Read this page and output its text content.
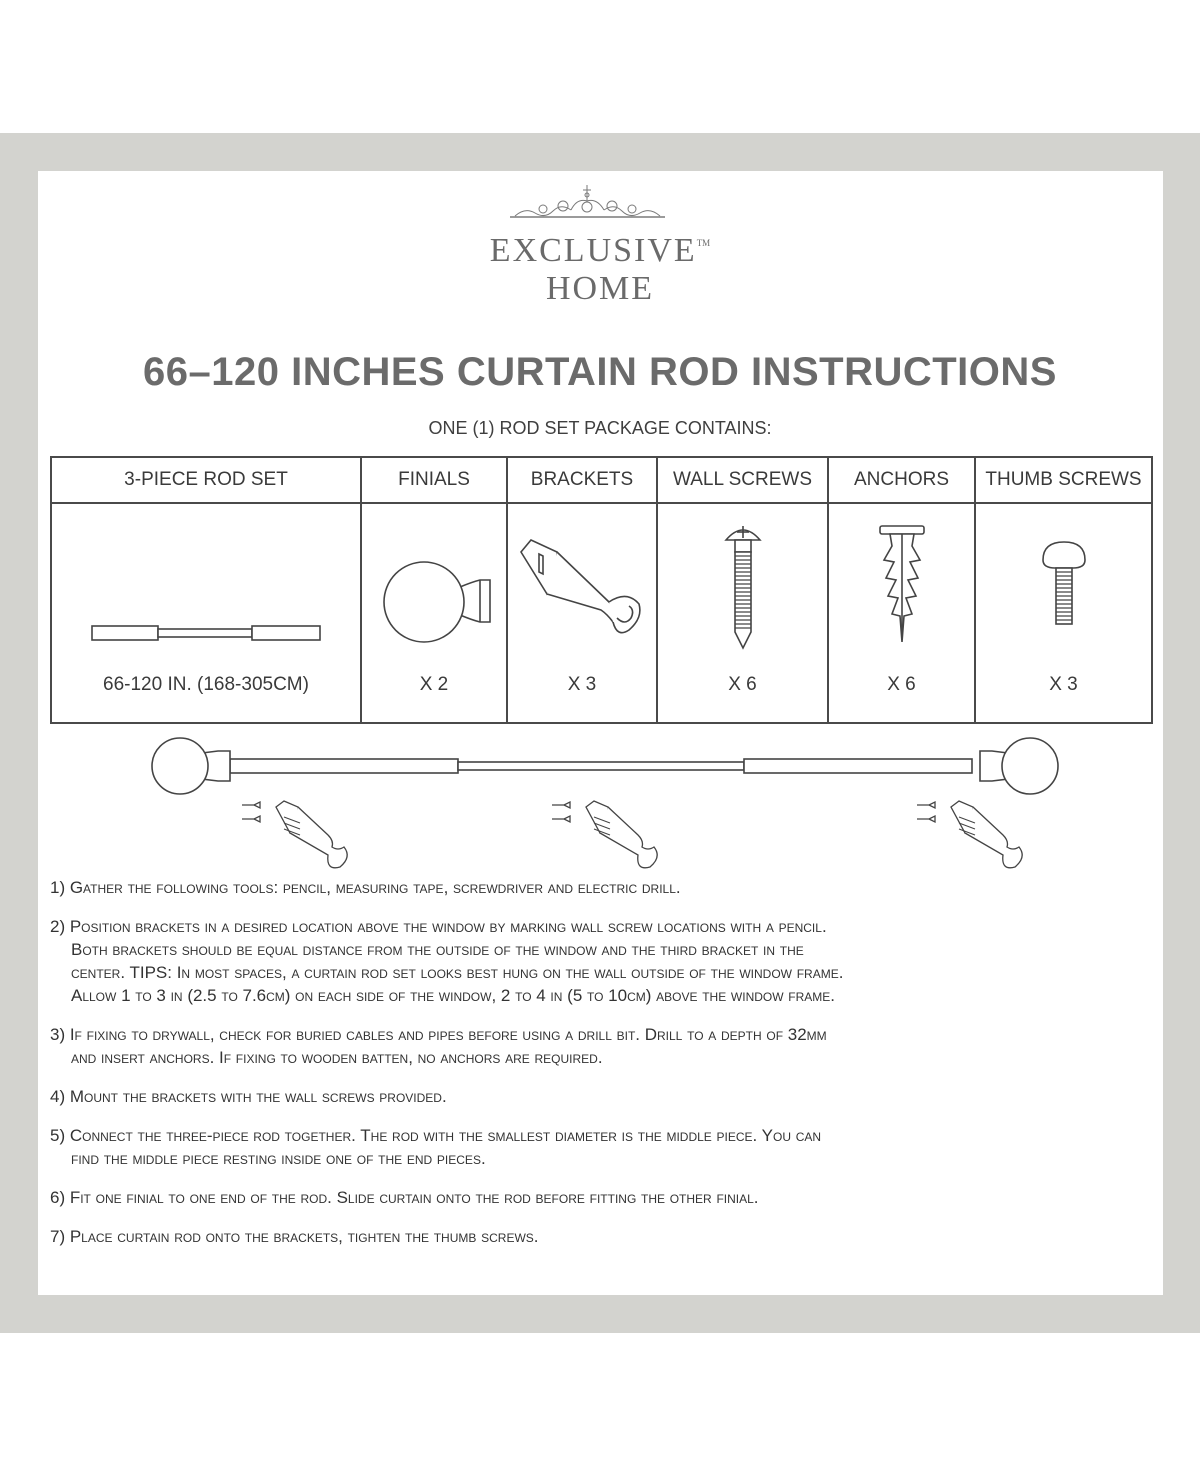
EXCLUSIVE™
HOME
66–120 INCHES CURTAIN ROD INSTRUCTIONS
ONE (1) ROD SET PACKAGE CONTAINS:
3-PIECE ROD SET	FINIALS	BRACKETS	WALL SCREWS	ANCHORS	THUMB SCREWS

66-120 IN. (168-305CM)	X 2	X 3	X 6	X 6	X 3
1) Gather the following tools: pencil, measuring tape, screwdriver and electric drill.
2) Position brackets in a desired location above the window by marking wall screw locations with a pencil.
Both brackets should be equal distance from the outside of the window and the third bracket in the
center. TIPS: In most spaces, a curtain rod set looks best hung on the wall outside of the window frame.
Allow 1 to 3 in (2.5 to 7.6cm) on each side of the window, 2 to 4 in (5 to 10cm) above the window frame.
3) If fixing to drywall, check for buried cables and pipes before using a drill bit. Drill to a depth of 32mm
and insert anchors. If fixing to wooden batten, no anchors are required.
4) Mount the brackets with the wall screws provided.
5) Connect the three-piece rod together. The rod with the smallest diameter is the middle piece. You can
find the middle piece resting inside one of the end pieces.
6) Fit one finial to one end of the rod. Slide curtain onto the rod before fitting the other finial.
7) Place curtain rod onto the brackets, tighten the thumb screws.
